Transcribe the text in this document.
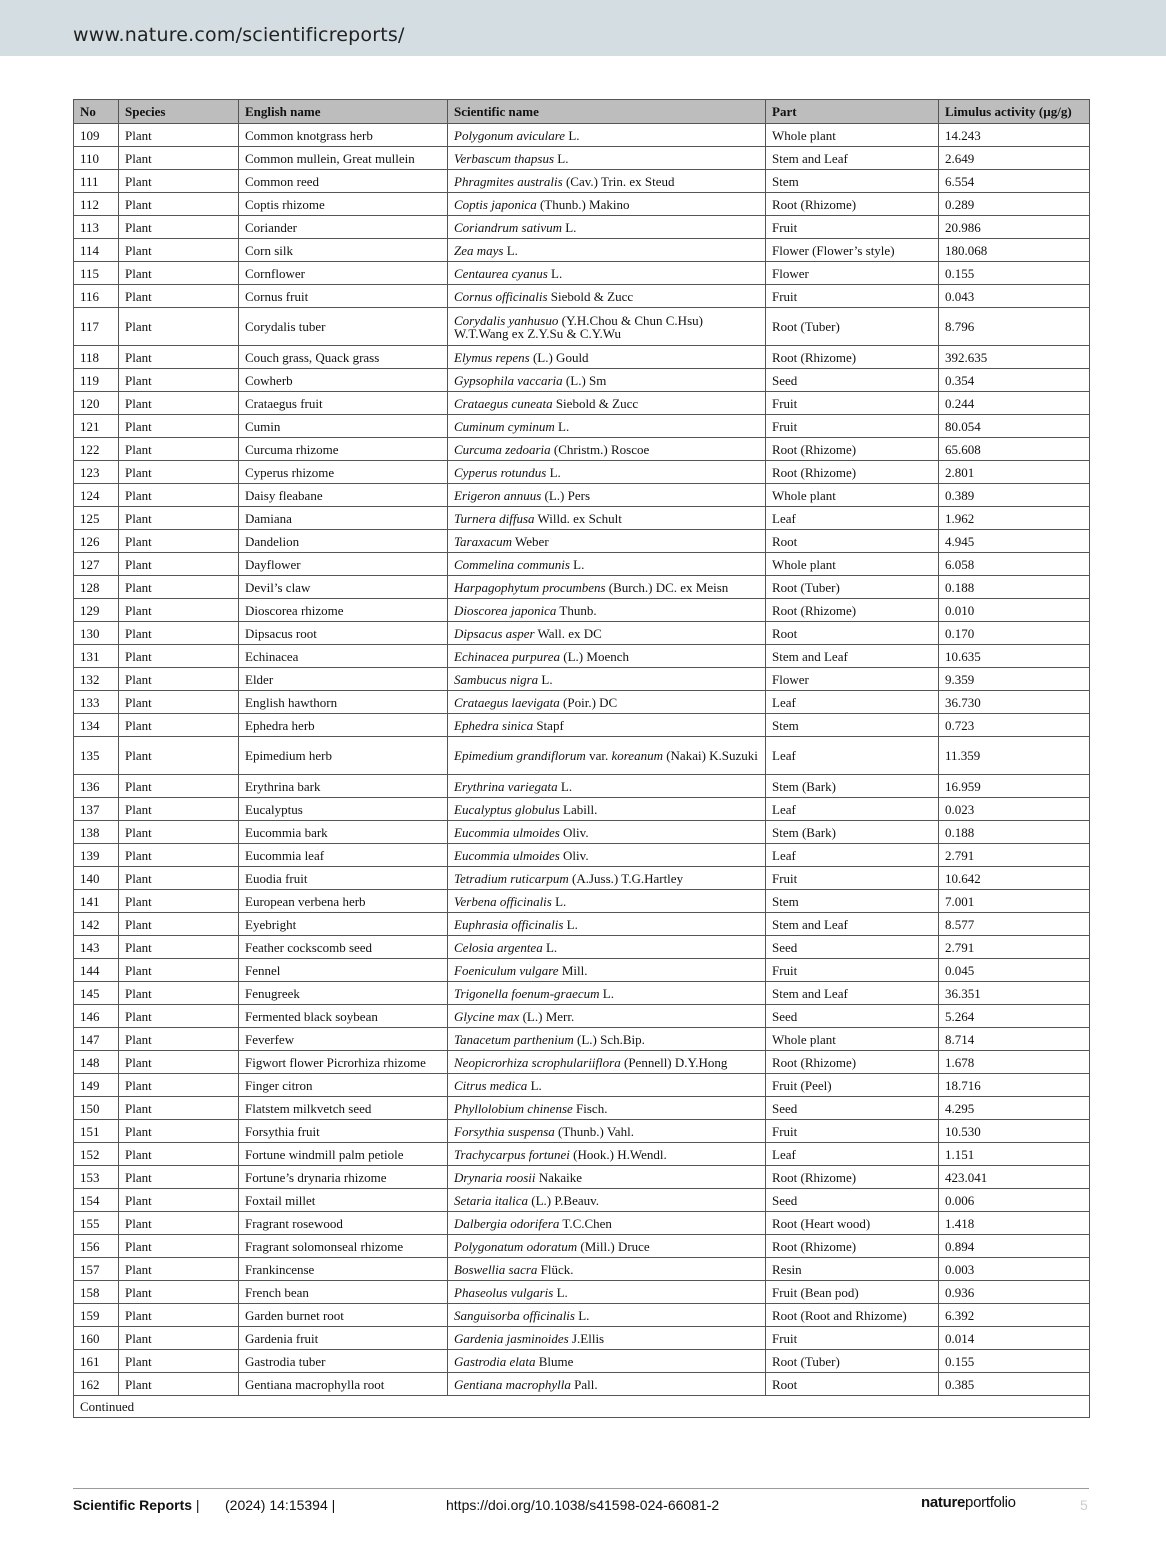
www.nature.com/scientificreports/
No	Species	English name	Scientific name	Part	Limulus activity (µg/g)
109	Plant	Common knotgrass herb	Polygonum aviculare L.	Whole plant	14.243
110	Plant	Common mullein, Great mullein	Verbascum thapsus L.	Stem and Leaf	2.649
111	Plant	Common reed	Phragmites australis (Cav.) Trin. ex Steud	Stem	6.554
112	Plant	Coptis rhizome	Coptis japonica (Thunb.) Makino	Root (Rhizome)	0.289
113	Plant	Coriander	Coriandrum sativum L.	Fruit	20.986
114	Plant	Corn silk	Zea mays L.	Flower (Flower’s style)	180.068
115	Plant	Cornflower	Centaurea cyanus L.	Flower	0.155
116	Plant	Cornus fruit	Cornus officinalis Siebold & Zucc	Fruit	0.043
117	Plant	Corydalis tuber	Corydalis yanhusuo (Y.H.Chou & Chun C.Hsu) W.T.Wang ex Z.Y.Su & C.Y.Wu	Root (Tuber)	8.796
118	Plant	Couch grass, Quack grass	Elymus repens (L.) Gould	Root (Rhizome)	392.635
119	Plant	Cowherb	Gypsophila vaccaria (L.) Sm	Seed	0.354
120	Plant	Crataegus fruit	Crataegus cuneata Siebold & Zucc	Fruit	0.244
121	Plant	Cumin	Cuminum cyminum L.	Fruit	80.054
122	Plant	Curcuma rhizome	Curcuma zedoaria (Christm.) Roscoe	Root (Rhizome)	65.608
123	Plant	Cyperus rhizome	Cyperus rotundus L.	Root (Rhizome)	2.801
124	Plant	Daisy fleabane	Erigeron annuus (L.) Pers	Whole plant	0.389
125	Plant	Damiana	Turnera diffusa Willd. ex Schult	Leaf	1.962
126	Plant	Dandelion	Taraxacum Weber	Root	4.945
127	Plant	Dayflower	Commelina communis L.	Whole plant	6.058
128	Plant	Devil’s claw	Harpagophytum procumbens (Burch.) DC. ex Meisn	Root (Tuber)	0.188
129	Plant	Dioscorea rhizome	Dioscorea japonica Thunb.	Root (Rhizome)	0.010
130	Plant	Dipsacus root	Dipsacus asper Wall. ex DC	Root	0.170
131	Plant	Echinacea	Echinacea purpurea (L.) Moench	Stem and Leaf	10.635
132	Plant	Elder	Sambucus nigra L.	Flower	9.359
133	Plant	English hawthorn	Crataegus laevigata (Poir.) DC	Leaf	36.730
134	Plant	Ephedra herb	Ephedra sinica Stapf	Stem	0.723
135	Plant	Epimedium herb	Epimedium grandiflorum var. koreanum (Nakai) K.Suzuki	Leaf	11.359
136	Plant	Erythrina bark	Erythrina variegata L.	Stem (Bark)	16.959
137	Plant	Eucalyptus	Eucalyptus globulus Labill.	Leaf	0.023
138	Plant	Eucommia bark	Eucommia ulmoides Oliv.	Stem (Bark)	0.188
139	Plant	Eucommia leaf	Eucommia ulmoides Oliv.	Leaf	2.791
140	Plant	Euodia fruit	Tetradium ruticarpum (A.Juss.) T.G.Hartley	Fruit	10.642
141	Plant	European verbena herb	Verbena officinalis L.	Stem	7.001
142	Plant	Eyebright	Euphrasia officinalis L.	Stem and Leaf	8.577
143	Plant	Feather cockscomb seed	Celosia argentea L.	Seed	2.791
144	Plant	Fennel	Foeniculum vulgare Mill.	Fruit	0.045
145	Plant	Fenugreek	Trigonella foenum-graecum L.	Stem and Leaf	36.351
146	Plant	Fermented black soybean	Glycine max (L.) Merr.	Seed	5.264
147	Plant	Feverfew	Tanacetum parthenium (L.) Sch.Bip.	Whole plant	8.714
148	Plant	Figwort flower Picrorhiza rhizome	Neopicrorhiza scrophulariiflora (Pennell) D.Y.Hong	Root (Rhizome)	1.678
149	Plant	Finger citron	Citrus medica L.	Fruit (Peel)	18.716
150	Plant	Flatstem milkvetch seed	Phyllolobium chinense Fisch.	Seed	4.295
151	Plant	Forsythia fruit	Forsythia suspensa (Thunb.) Vahl.	Fruit	10.530
152	Plant	Fortune windmill palm petiole	Trachycarpus fortunei (Hook.) H.Wendl.	Leaf	1.151
153	Plant	Fortune’s drynaria rhizome	Drynaria roosii Nakaike	Root (Rhizome)	423.041
154	Plant	Foxtail millet	Setaria italica (L.) P.Beauv.	Seed	0.006
155	Plant	Fragrant rosewood	Dalbergia odorifera T.C.Chen	Root (Heart wood)	1.418
156	Plant	Fragrant solomonseal rhizome	Polygonatum odoratum (Mill.) Druce	Root (Rhizome)	0.894
157	Plant	Frankincense	Boswellia sacra Flück.	Resin	0.003
158	Plant	French bean	Phaseolus vulgaris L.	Fruit (Bean pod)	0.936
159	Plant	Garden burnet root	Sanguisorba officinalis L.	Root (Root and Rhizome)	6.392
160	Plant	Gardenia fruit	Gardenia jasminoides J.Ellis	Fruit	0.014
161	Plant	Gastrodia tuber	Gastrodia elata Blume	Root (Tuber)	0.155
162	Plant	Gentiana macrophylla root	Gentiana macrophylla Pall.	Root	0.385
Continued					
Scientific Reports | (2024) 14:15394 |	https://doi.org/10.1038/s41598-024-66081-2	natureportfolio	5
